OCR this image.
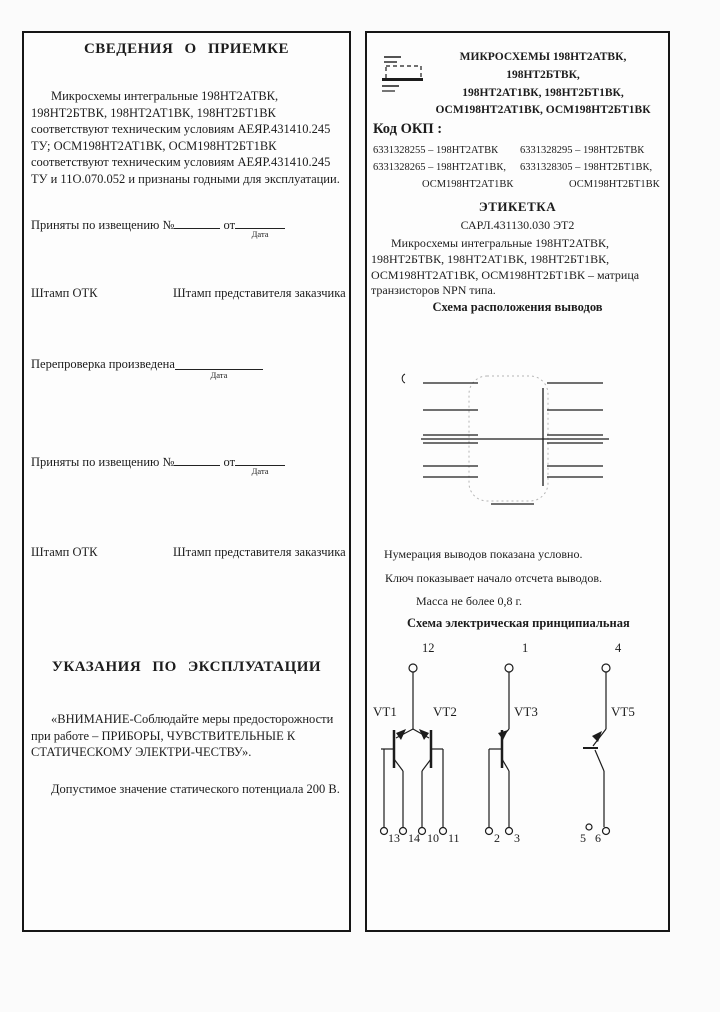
СВЕДЕНИЯ О ПРИЕМКЕ
Микросхемы интегральные 198НТ2АТВК, 198НТ2БТВК, 198НТ2АТ1ВК, 198НТ2БТ1ВК соответствуют техническим условиям АЕЯР.431410.245 ТУ; ОСМ198НТ2АТ1ВК, ОСМ198НТ2БТ1ВК соответствуют техническим условиям АЕЯР.431410.245 ТУ и 11О.070.052 и признаны годными для эксплуатации.
Приняты по извещению №	от
Дата
Штамп ОТК	Штамп представителя заказчика
Перепроверка произведена
Дата
Приняты по извещению №	от
Дата
Штамп ОТК	Штамп представителя заказчика
УКАЗАНИЯ ПО ЭКСПЛУАТАЦИИ
«ВНИМАНИЕ-Соблюдайте меры предосторожности при работе – ПРИБОРЫ, ЧУВСТВИТЕЛЬНЫЕ К СТАТИЧЕСКОМУ ЭЛЕКТРИ-ЧЕСТВУ».
Допустимое значение статического потенциала 200 В.
МИКРОСХЕМЫ 198НТ2АТВК, 198НТ2БТВК,
198НТ2АТ1ВК, 198НТ2БТ1ВК,
ОСМ198НТ2АТ1ВК, ОСМ198НТ2БТ1ВК
Код ОКП :
6331328255 – 198НТ2АТВК 6331328295 – 198НТ2БТВК
6331328265 – 198НТ2АТ1ВК, 6331328305 – 198НТ2БТ1ВК,
ОСМ198НТ2АТ1ВК	ОСМ198НТ2БТ1ВК
ЭТИКЕТКА
САРЛ.431130.030 ЭТ2
Микросхемы интегральные 198НТ2АТВК, 198НТ2БТВК, 198НТ2АТ1ВК, 198НТ2БТ1ВК, ОСМ198НТ2АТ1ВК, ОСМ198НТ2БТ1ВК – матрица транзисторов NPN типа.
Схема расположения выводов
Нумерация выводов показана условно.
Ключ показывает начало отсчета выводов.
Масса не более 0,8 г.
Схема электрическая принципиальная
12	1	4
VT1	VT2	VT3	VT5
13 14 10 11	2 3	5 6
